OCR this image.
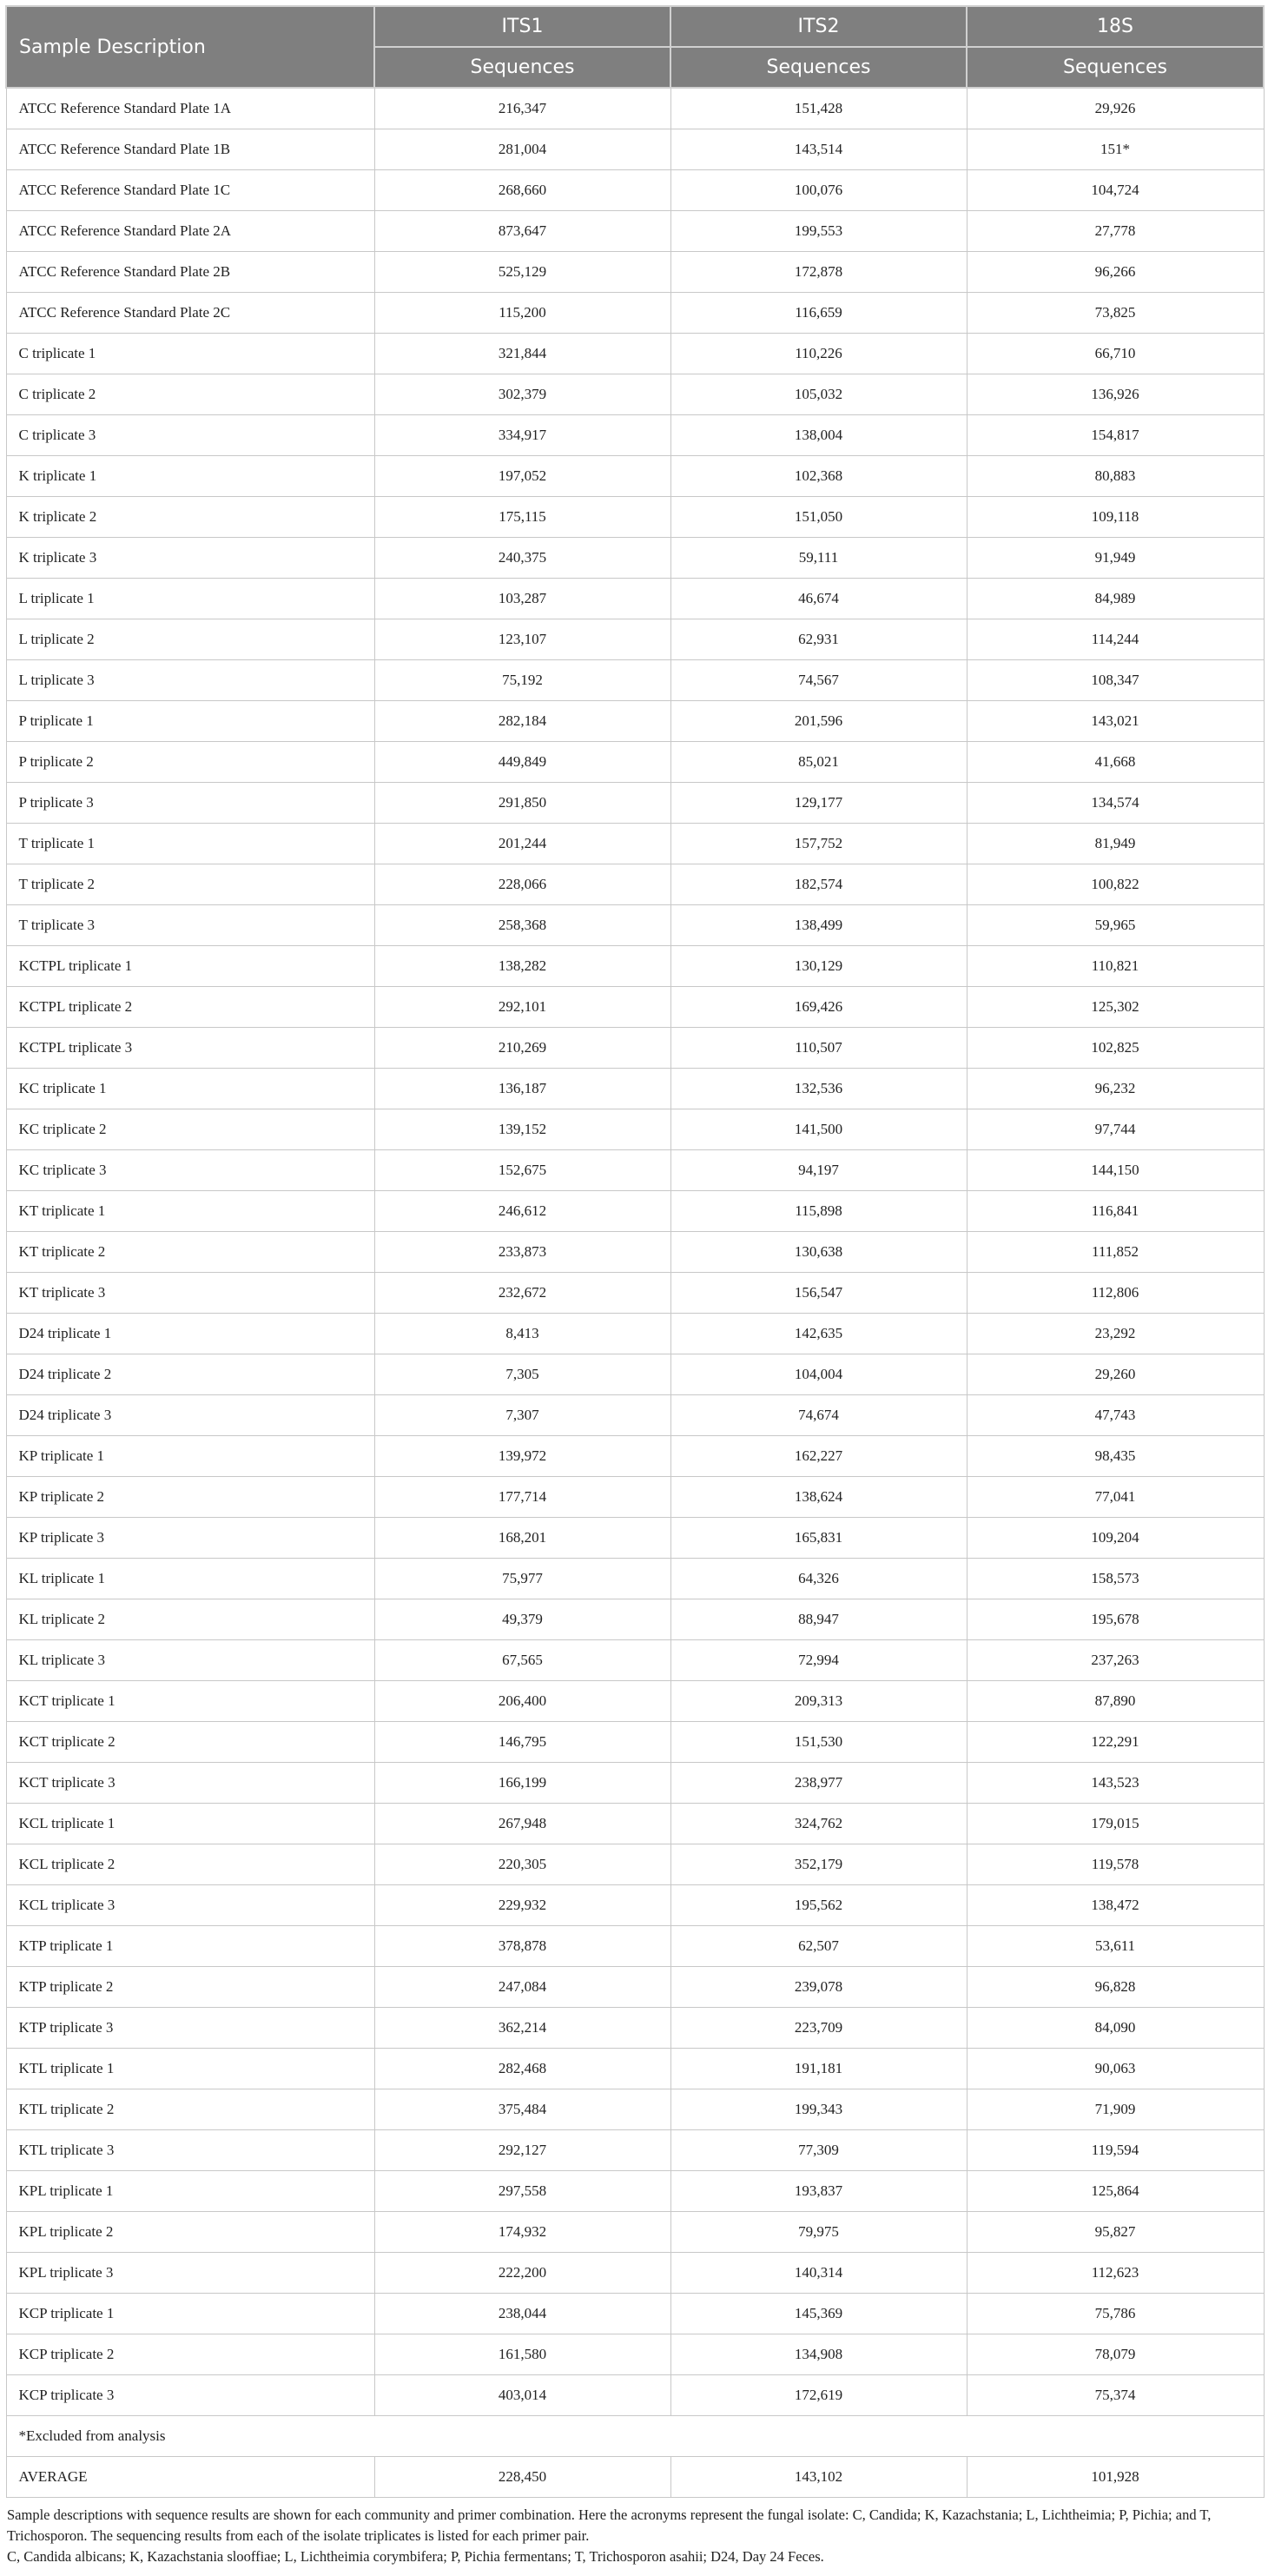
Sample Description	ITS1	ITS2	18S
	Sequences	Sequences	Sequences
ATCC Reference Standard Plate 1A	216,347	151,428	29,926
ATCC Reference Standard Plate 1B	281,004	143,514	151*
ATCC Reference Standard Plate 1C	268,660	100,076	104,724
ATCC Reference Standard Plate 2A	873,647	199,553	27,778
ATCC Reference Standard Plate 2B	525,129	172,878	96,266
ATCC Reference Standard Plate 2C	115,200	116,659	73,825
C triplicate 1	321,844	110,226	66,710
C triplicate 2	302,379	105,032	136,926
C triplicate 3	334,917	138,004	154,817
K triplicate 1	197,052	102,368	80,883
K triplicate 2	175,115	151,050	109,118
K triplicate 3	240,375	59,111	91,949
L triplicate 1	103,287	46,674	84,989
L triplicate 2	123,107	62,931	114,244
L triplicate 3	75,192	74,567	108,347
P triplicate 1	282,184	201,596	143,021
P triplicate 2	449,849	85,021	41,668
P triplicate 3	291,850	129,177	134,574
T triplicate 1	201,244	157,752	81,949
T triplicate 2	228,066	182,574	100,822
T triplicate 3	258,368	138,499	59,965
KCTPL triplicate 1	138,282	130,129	110,821
KCTPL triplicate 2	292,101	169,426	125,302
KCTPL triplicate 3	210,269	110,507	102,825
KC triplicate 1	136,187	132,536	96,232
KC triplicate 2	139,152	141,500	97,744
KC triplicate 3	152,675	94,197	144,150
KT triplicate 1	246,612	115,898	116,841
KT triplicate 2	233,873	130,638	111,852
KT triplicate 3	232,672	156,547	112,806
D24 triplicate 1	8,413	142,635	23,292
D24 triplicate 2	7,305	104,004	29,260
D24 triplicate 3	7,307	74,674	47,743
KP triplicate 1	139,972	162,227	98,435
KP triplicate 2	177,714	138,624	77,041
KP triplicate 3	168,201	165,831	109,204
KL triplicate 1	75,977	64,326	158,573
KL triplicate 2	49,379	88,947	195,678
KL triplicate 3	67,565	72,994	237,263
KCT triplicate 1	206,400	209,313	87,890
KCT triplicate 2	146,795	151,530	122,291
KCT triplicate 3	166,199	238,977	143,523
KCL triplicate 1	267,948	324,762	179,015
KCL triplicate 2	220,305	352,179	119,578
KCL triplicate 3	229,932	195,562	138,472
KTP triplicate 1	378,878	62,507	53,611
KTP triplicate 2	247,084	239,078	96,828
KTP triplicate 3	362,214	223,709	84,090
KTL triplicate 1	282,468	191,181	90,063
KTL triplicate 2	375,484	199,343	71,909
KTL triplicate 3	292,127	77,309	119,594
KPL triplicate 1	297,558	193,837	125,864
KPL triplicate 2	174,932	79,975	95,827
KPL triplicate 3	222,200	140,314	112,623
KCP triplicate 1	238,044	145,369	75,786
KCP triplicate 2	161,580	134,908	78,079
KCP triplicate 3	403,014	172,619	75,374
*Excluded from analysis			
AVERAGE	228,450	143,102	101,928
Sample descriptions with sequence results are shown for each community and primer combination. Here the acronyms represent the fungal isolate: C, Candida; K, Kazachstania; L, Lichtheimia; P, Pichia; and T, Trichosporon. The sequencing results from each of the isolate triplicates is listed for each primer pair.
C, Candida albicans; K, Kazachstania slooffiae; L, Lichtheimia corymbifera; P, Pichia fermentans; T, Trichosporon asahii; D24, Day 24 Feces.
